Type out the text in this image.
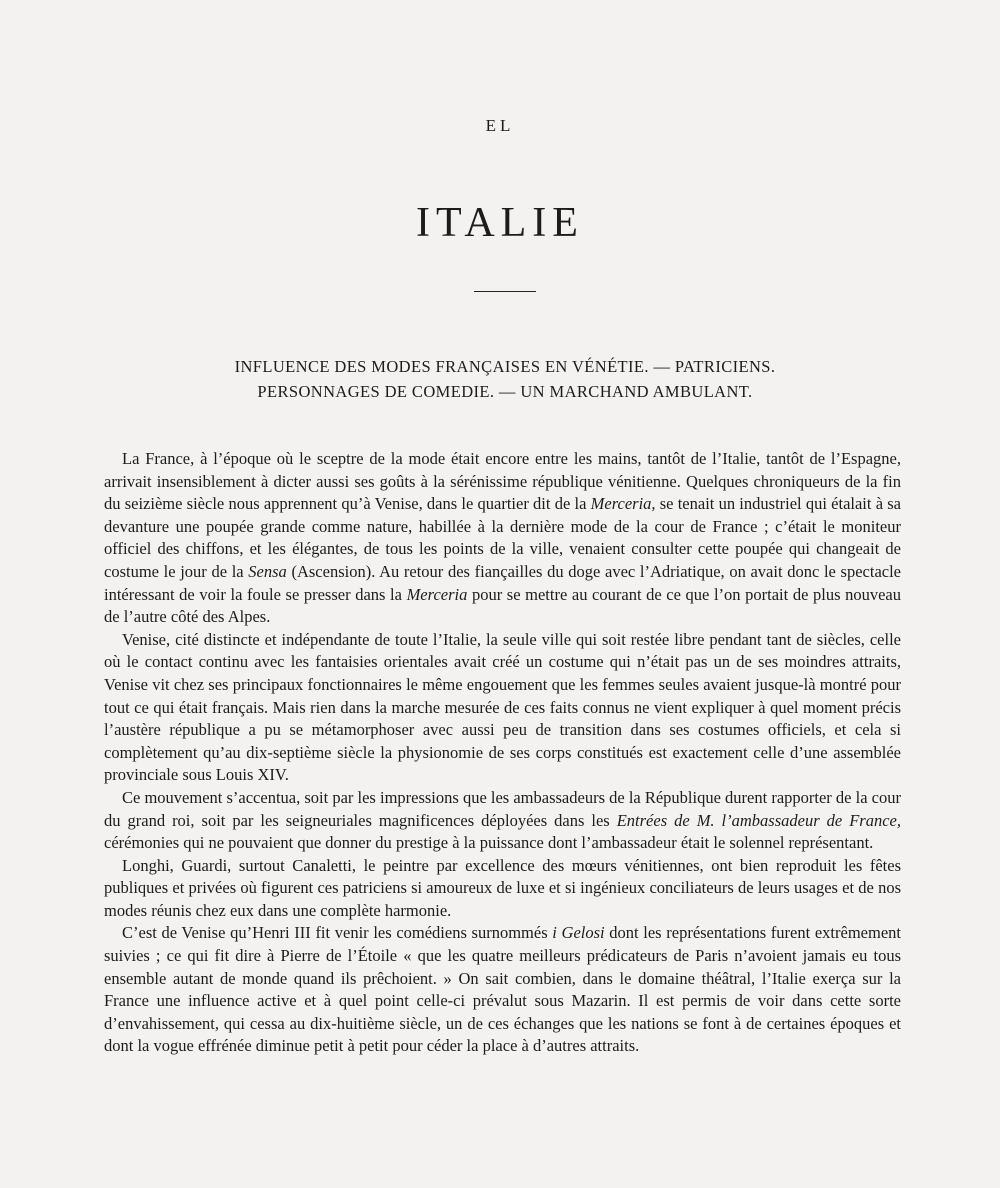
EL
ITALIE
INFLUENCE DES MODES FRANÇAISES EN VÉNÉTIE. — PATRICIENS.
PERSONNAGES DE COMEDIE. — UN MARCHAND AMBULANT.

La France, à l’époque où le sceptre de la mode était encore entre les mains, tantôt de l’Italie, tantôt de l’Espagne, arrivait insensiblement à dicter aussi ses goûts à la sérénissime république vénitienne. Quelques chroniqueurs de la fin du seizième siècle nous apprennent qu’à Venise, dans le quartier dit de la Merceria, se tenait un industriel qui étalait à sa devanture une poupée grande comme nature, habillée à la dernière mode de la cour de France ; c’était le moniteur officiel des chiffons, et les élégantes, de tous les points de la ville, venaient consulter cette poupée qui changeait de costume le jour de la Sensa (Ascension). Au retour des fiançailles du doge avec l’Adriatique, on avait donc le spectacle intéressant de voir la foule se presser dans la Merceria pour se mettre au courant de ce que l’on portait de plus nouveau de l’autre côté des Alpes.

Venise, cité distincte et indépendante de toute l’Italie, la seule ville qui soit restée libre pendant tant de siècles, celle où le contact continu avec les fantaisies orientales avait créé un costume qui n’était pas un de ses moindres attraits, Venise vit chez ses principaux fonctionnaires le même engouement que les femmes seules avaient jusque-là montré pour tout ce qui était français. Mais rien dans la marche mesurée de ces faits connus ne vient expliquer à quel moment précis l’austère république a pu se métamorphoser avec aussi peu de transition dans ses costumes officiels, et cela si complètement qu’au dix-septième siècle la physionomie de ses corps constitués est exactement celle d’une assemblée provinciale sous Louis XIV.

Ce mouvement s’accentua, soit par les impressions que les ambassadeurs de la République durent rapporter de la cour du grand roi, soit par les seigneuriales magnificences déployées dans les Entrées de M. l’ambassadeur de France, cérémonies qui ne pouvaient que donner du prestige à la puissance dont l’ambassadeur était le solennel représentant.

Longhi, Guardi, surtout Canaletti, le peintre par excellence des mœurs vénitiennes, ont bien reproduit les fêtes publiques et privées où figurent ces patriciens si amoureux de luxe et si ingénieux conciliateurs de leurs usages et de nos modes réunis chez eux dans une complète harmonie.

C’est de Venise qu’Henri III fit venir les comédiens surnommés i Gelosi dont les représentations furent extrêmement suivies ; ce qui fit dire à Pierre de l’Étoile « que les quatre meilleurs prédicateurs de Paris n’avoient jamais eu tous ensemble autant de monde quand ils prêchoient. » On sait combien, dans le domaine théâtral, l’Italie exerça sur la France une influence active et à quel point celle-ci prévalut sous Mazarin. Il est permis de voir dans cette sorte d’envahissement, qui cessa au dix-huitième siècle, un de ces échanges que les nations se font à de certaines époques et dont la vogue effrénée diminue petit à petit pour céder la place à d’autres attraits.
